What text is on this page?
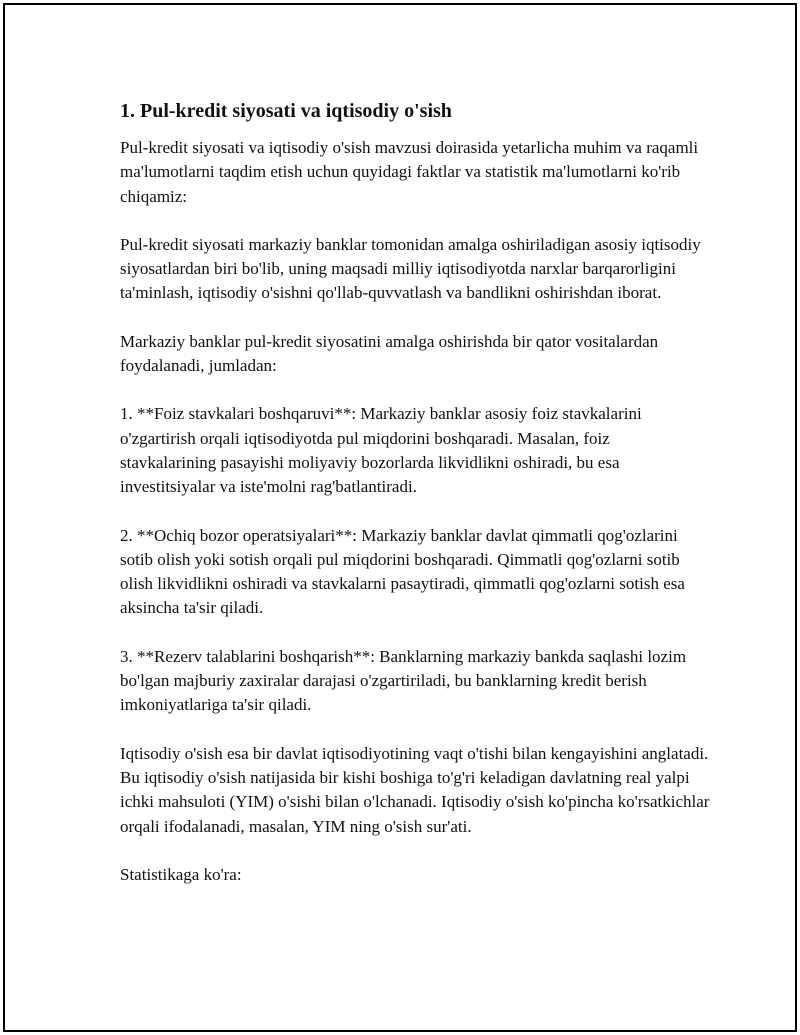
1. Pul-kredit siyosati va iqtisodiy o'sish

Pul-kredit siyosati va iqtisodiy o'sish mavzusi doirasida yetarlicha muhim va raqamli ma'lumotlarni taqdim etish uchun quyidagi faktlar va statistik ma'lumotlarni ko'rib chiqamiz:

Pul-kredit siyosati markaziy banklar tomonidan amalga oshiriladigan asosiy iqtisodiy siyosatlardan biri bo'lib, uning maqsadi milliy iqtisodiyotda narxlar barqarorligini ta'minlash, iqtisodiy o'sishni qo'llab-quvvatlash va bandlikni oshirishdan iborat.

Markaziy banklar pul-kredit siyosatini amalga oshirishda bir qator vositalardan foydalanadi, jumladan:

1. **Foiz stavkalari boshqaruvi**: Markaziy banklar asosiy foiz stavkalarini o'zgartirish orqali iqtisodiyotda pul miqdorini boshqaradi. Masalan, foiz stavkalarining pasayishi moliyaviy bozorlarda likvidlikni oshiradi, bu esa investitsiyalar va iste'molni rag'batlantiradi.

2. **Ochiq bozor operatsiyalari**: Markaziy banklar davlat qimmatli qog'ozlarini sotib olish yoki sotish orqali pul miqdorini boshqaradi. Qimmatli qog'ozlarni sotib olish likvidlikni oshiradi va stavkalarni pasaytiradi, qimmatli qog'ozlarni sotish esa aksincha ta'sir qiladi.

3. **Rezerv talablarini boshqarish**: Banklarning markaziy bankda saqlashi lozim bo'lgan majburiy zaxiralar darajasi o'zgartiriladi, bu banklarning kredit berish imkoniyatlariga ta'sir qiladi.

Iqtisodiy o'sish esa bir davlat iqtisodiyotining vaqt o'tishi bilan kengayishini anglatadi. Bu iqtisodiy o'sish natijasida bir kishi boshiga to'g'ri keladigan davlatning real yalpi ichki mahsuloti (YIM) o'sishi bilan o'lchanadi. Iqtisodiy o'sish ko'pincha ko'rsatkichlar orqali ifodalanadi, masalan, YIM ning o'sish sur'ati.

Statistikaga ko'ra:
